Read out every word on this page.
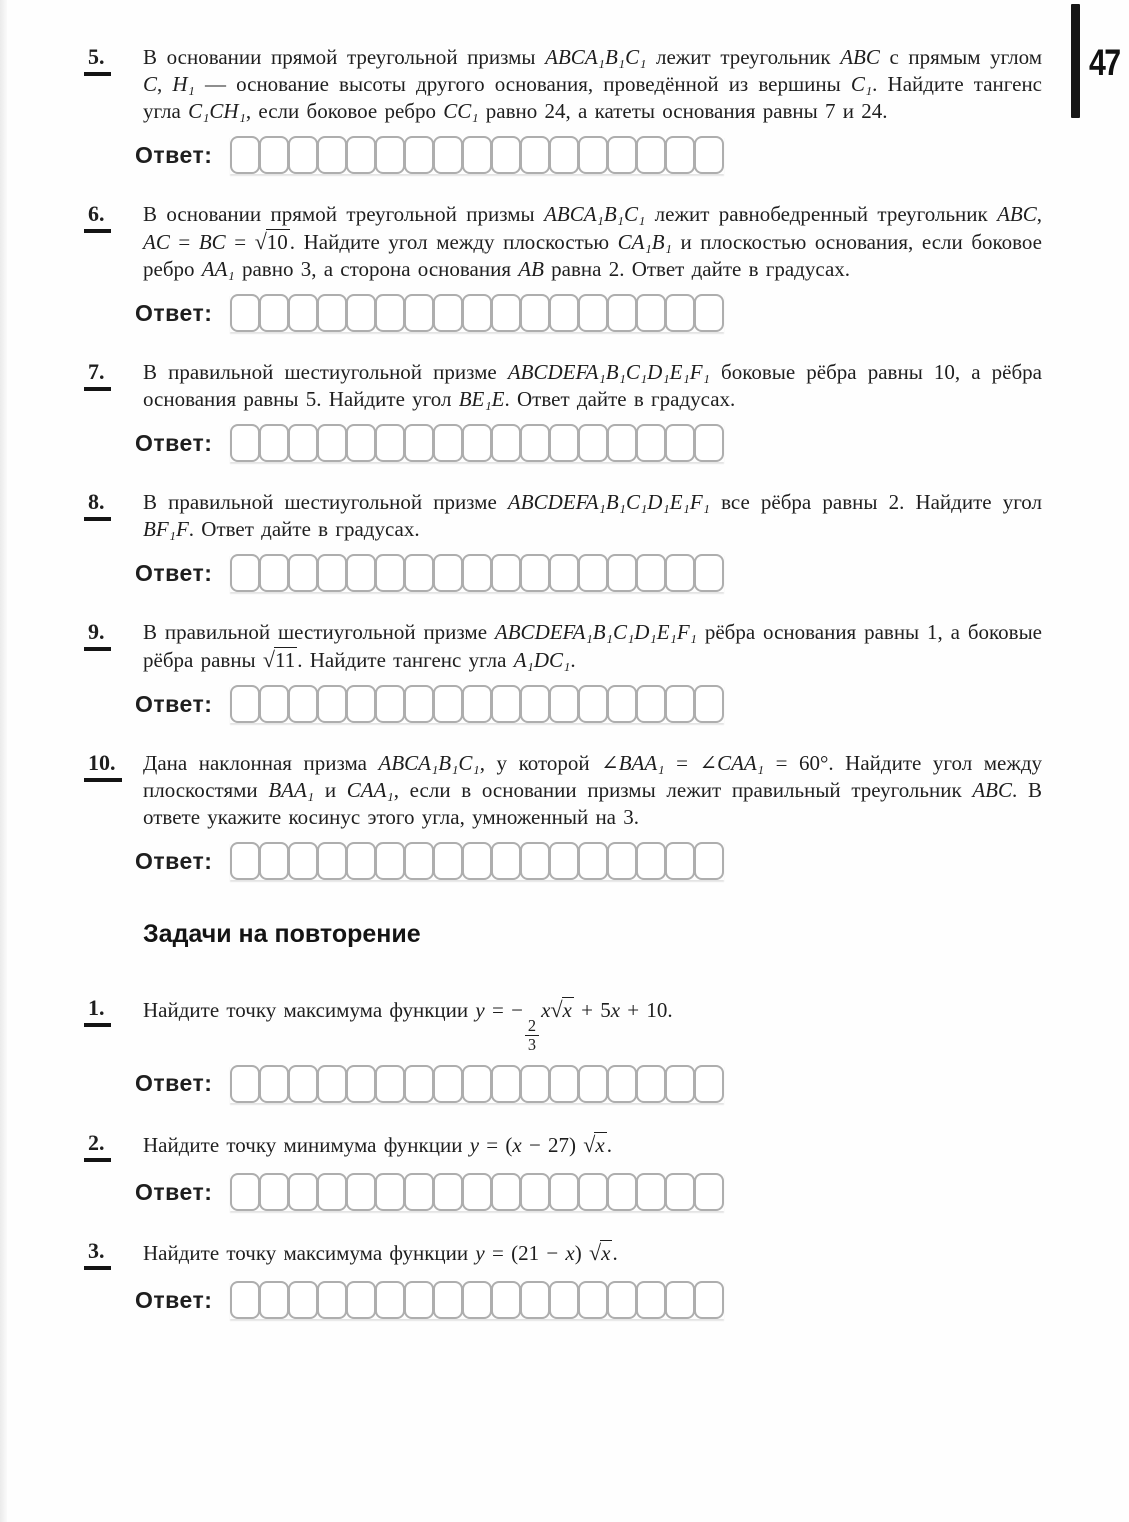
47
5.	В основании прямой треугольной призмы ABCA₁B₁C₁ лежит треугольник ABC с прямым углом C, H₁ — основание высоты другого основания, проведённой из вершины C₁. Найдите тангенс угла C₁CH₁, если боковое ребро CC₁ равно 24, а катеты основания равны 7 и 24.
Ответ:
6.	В основании прямой треугольной призмы ABCA₁B₁C₁ лежит равнобедренный треугольник ABC, AC = BC = √10. Найдите угол между плоскостью CA₁B₁ и плоскостью основания, если боковое ребро AA₁ равно 3, а сторона основания AB равна 2. Ответ дайте в градусах.
Ответ:
7.	В правильной шестиугольной призме ABCDEFA₁B₁C₁D₁E₁F₁ боковые рёбра равны 10, а рёбра основания равны 5. Найдите угол BE₁E. Ответ дайте в градусах.
Ответ:
8.	В правильной шестиугольной призме ABCDEFA₁B₁C₁D₁E₁F₁ все рёбра равны 2. Найдите угол BF₁F. Ответ дайте в градусах.
Ответ:
9.	В правильной шестиугольной призме ABCDEFA₁B₁C₁D₁E₁F₁ рёбра основания равны 1, а боковые рёбра равны √11. Найдите тангенс угла A₁DC₁.
Ответ:
10.	Дана наклонная призма ABCA₁B₁C₁, у которой ∠BAA₁ = ∠CAA₁ = 60°. Найдите угол между плоскостями BAA₁ и CAA₁, если в основании призмы лежит правильный треугольник ABC. В ответе укажите косинус этого угла, умноженный на 3.
Ответ:
Задачи на повторение
1.	Найдите точку максимума функции y = −
$\frac{2}{3}$
x√x + 5x + 10.
Ответ:
2.	Найдите точку минимума функции y = (x − 27) √x.
Ответ:
3.	Найдите точку максимума функции y = (21 − x) √x.
Ответ:
